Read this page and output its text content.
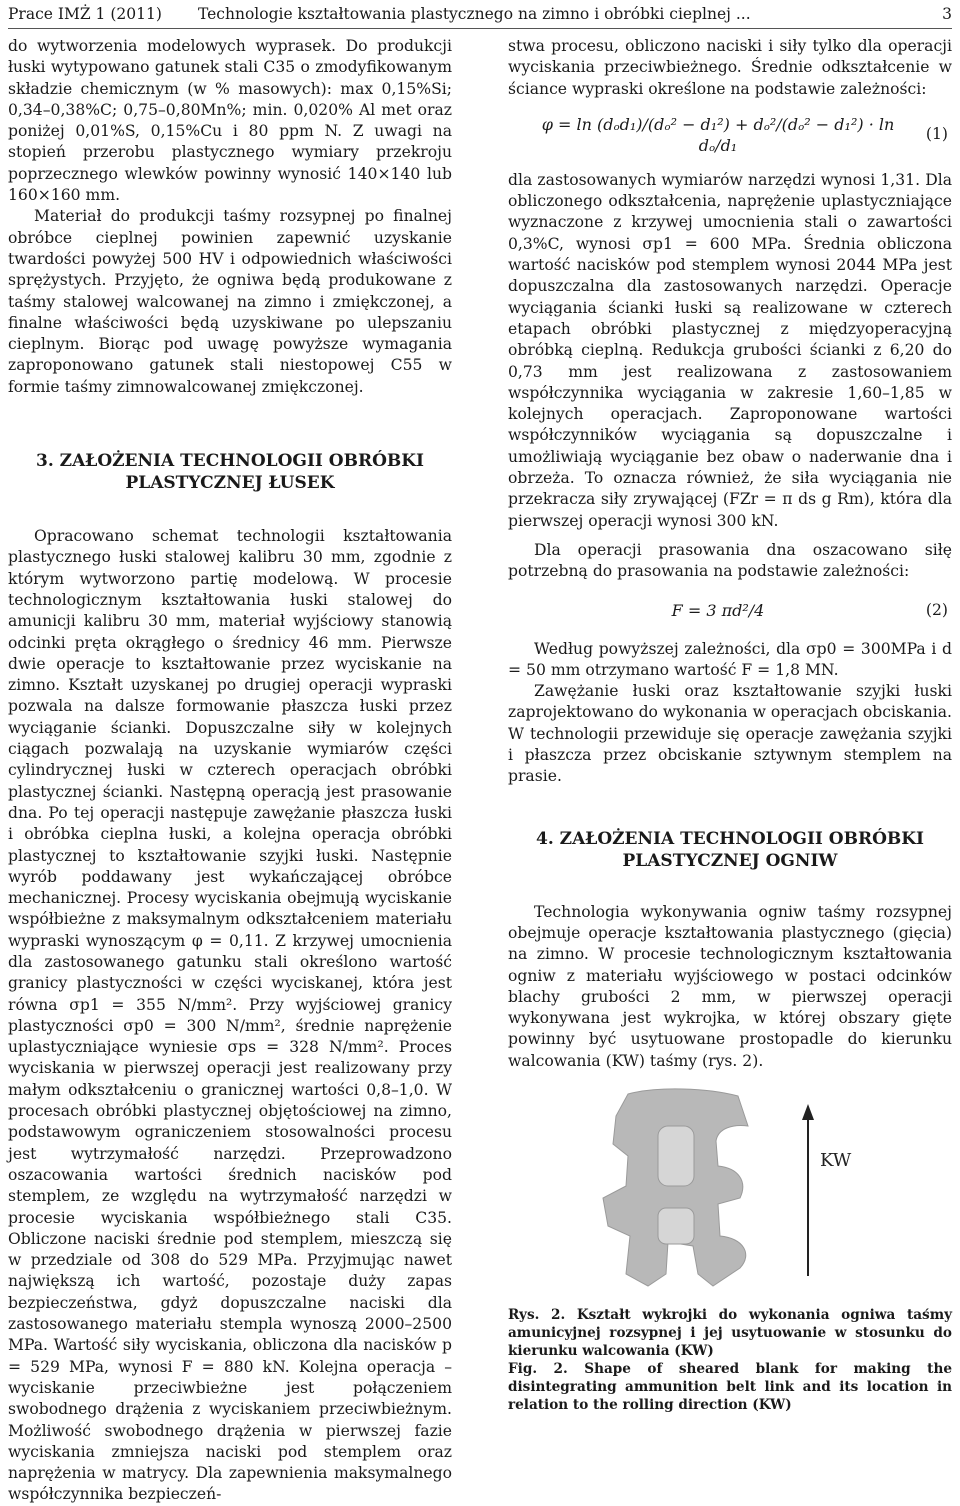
Prace IMŻ 1 (2011)	Technologie kształtowania plastycznego na zimno i obróbki cieplnej ...	3

do wytworzenia modelowych wyprasek. Do produkcji łuski wytypowano gatunek stali C35 o zmodyfikowanym składzie chemicznym (w % masowych): max 0,15%Si; 0,34–0,38%C; 0,75–0,80Mn%; min. 0,020% Al met oraz poniżej 0,01%S, 0,15%Cu i 80 ppm N. Z uwagi na stopień przerobu plastycznego wymiary przekroju poprzecznego wlewków powinny wynosić 140×140 lub 160×160 mm.

Materiał do produkcji taśmy rozsypnej po finalnej obróbce cieplnej powinien zapewnić uzyskanie twardości powyżej 500 HV i odpowiednich właściwości sprężystych. Przyjęto, że ogniwa będą produkowane z taśmy stalowej walcowanej na zimno i zmiękczonej, a finalne właściwości będą uzyskiwane po ulepszaniu cieplnym. Biorąc pod uwagę powyższe wymagania zaproponowano gatunek stali niestopowej C55 w formie taśmy zimnowalcowanej zmiękczonej.

3. ZAŁOŻENIA TECHNOLOGII OBRÓBKI

PLASTYCZNEJ ŁUSEK

Opracowano schemat technologii kształtowania plastycznego łuski stalowej kalibru 30 mm, zgodnie z którym wytworzono partię modelową. W procesie technologicznym kształtowania łuski stalowej do amunicji kalibru 30 mm, materiał wyjściowy stanowią odcinki pręta okrągłego o średnicy 46 mm. Pierwsze dwie operacje to kształtowanie przez wyciskanie na zimno. Kształt uzyskanej po drugiej operacji wypraski pozwala na dalsze formowanie płaszcza łuski przez wyciąganie ścianki. Dopuszczalne siły w kolejnych ciągach pozwalają na uzyskanie wymiarów części cylindrycznej łuski w czterech operacjach obróbki plastycznej ścianki. Następną operacją jest prasowanie dna. Po tej operacji następuje zawężanie płaszcza łuski i obróbka cieplna łuski, a kolejna operacja obróbki plastycznej to kształtowanie szyjki łuski. Następnie wyrób poddawany jest wykańczającej obróbce mechanicznej. Procesy wyciskania obejmują wyciskanie współbieżne z maksymalnym odkształceniem materiału wypraski wynoszącym φ = 0,11. Z krzywej umocnienia dla zastosowanego gatunku stali określono wartość granicy plastyczności w części wyciskanej, która jest równa σp1 = 355 N/mm². Przy wyjściowej granicy plastyczności σp0 = 300 N/mm², średnie naprężenie uplastyczniające wyniesie σps = 328 N/mm². Proces wyciskania w pierwszej operacji jest realizowany przy małym odkształceniu o granicznej wartości 0,8–1,0. W procesach obróbki plastycznej objętościowej na zimno, podstawowym ograniczeniem stosowalności procesu jest wytrzymałość narzędzi. Przeprowadzono oszacowania wartości średnich nacisków pod stemplem, ze względu na wytrzymałość narzędzi w procesie wyciskania współbieżnego stali C35. Obliczone naciski średnie pod stemplem, mieszczą się w przedziale od 308 do 529 MPa. Przyjmując nawet największą ich wartość, pozostaje duży zapas bezpieczeństwa, gdyż dopuszczalne naciski dla zastosowanego materiału stempla wynoszą 2000–2500 MPa. Wartość siły wyciskania, obliczona dla nacisków p = 529 MPa, wynosi F = 880 kN. Kolejna operacja – wyciskanie przeciwbieżne jest połączeniem swobodnego drążenia z wyciskaniem przeciwbieżnym. Możliwość swobodnego drążenia w pierwszej fazie wyciskania zmniejsza naciski pod stemplem oraz naprężenia w matrycy. Dla zapewnienia maksymalnego współczynnika bezpieczeń-

stwa procesu, obliczono naciski i siły tylko dla operacji wyciskania przeciwbieżnego. Średnie odkształcenie w ściance wypraski określone na podstawie zależności:

φ = ln (dₒd₁)/(dₒ² − d₁²) + dₒ²/(dₒ² − d₁²) · ln dₒ/d₁
(1)

dla zastosowanych wymiarów narzędzi wynosi 1,31. Dla obliczonego odkształcenia, naprężenie uplastyczniające wyznaczone z krzywej umocnienia stali o zawartości 0,3%C, wynosi σp1 = 600 MPa. Średnia obliczona wartość nacisków pod stemplem wynosi 2044 MPa jest dopuszczalna dla zastosowanych narzędzi. Operacje wyciągania ścianki łuski są realizowane w czterech etapach obróbki plastycznej z międzyoperacyjną obróbką cieplną. Redukcja grubości ścianki z 6,20 do 0,73 mm jest realizowana z zastosowaniem współczynnika wyciągania w zakresie 1,60–1,85 w kolejnych operacjach. Zaproponowane wartości współczynników wyciągania są dopuszczalne i umożliwiają wyciąganie bez obaw o naderwanie dna i obrzeża. To oznacza również, że siła wyciągania nie przekracza siły zrywającej (FZr = π ds g Rm), która dla pierwszej operacji wynosi 300 kN.

Dla operacji prasowania dna oszacowano siłę potrzebną do prasowania na podstawie zależności:

F = 3 πd²/4	(2)

Według powyższej zależności, dla σp0 = 300MPa i d = 50 mm otrzymano wartość F = 1,8 MN.

Zawężanie łuski oraz kształtowanie szyjki łuski zaprojektowano do wykonania w operacjach obciskania. W technologii przewiduje się operacje zawężania szyjki i płaszcza przez obciskanie sztywnym stemplem na prasie.

4. ZAŁOŻENIA TECHNOLOGII OBRÓBKI

PLASTYCZNEJ OGNIW

Technologia wykonywania ogniw taśmy rozsypnej obejmuje operacje kształtowania plastycznego (gięcia) na zimno. W procesie technologicznym kształtowania ogniw z materiału wyjściowego w postaci odcinków blachy grubości 2 mm, w pierwszej operacji wykonywana jest wykrojka, w której obszary gięte powinny być usytuowane prostopadle do kierunku walcowania (KW) taśmy (rys. 2).

KW

Rys. 2. Kształt wykrojki do wykonania ogniwa taśmy amunicyjnej rozsypnej i jej usytuowanie w stosunku do kierunku walcowania (KW)

Fig. 2. Shape of sheared blank for making the disintegrating ammunition belt link and its location in relation to the rolling direction (KW)
